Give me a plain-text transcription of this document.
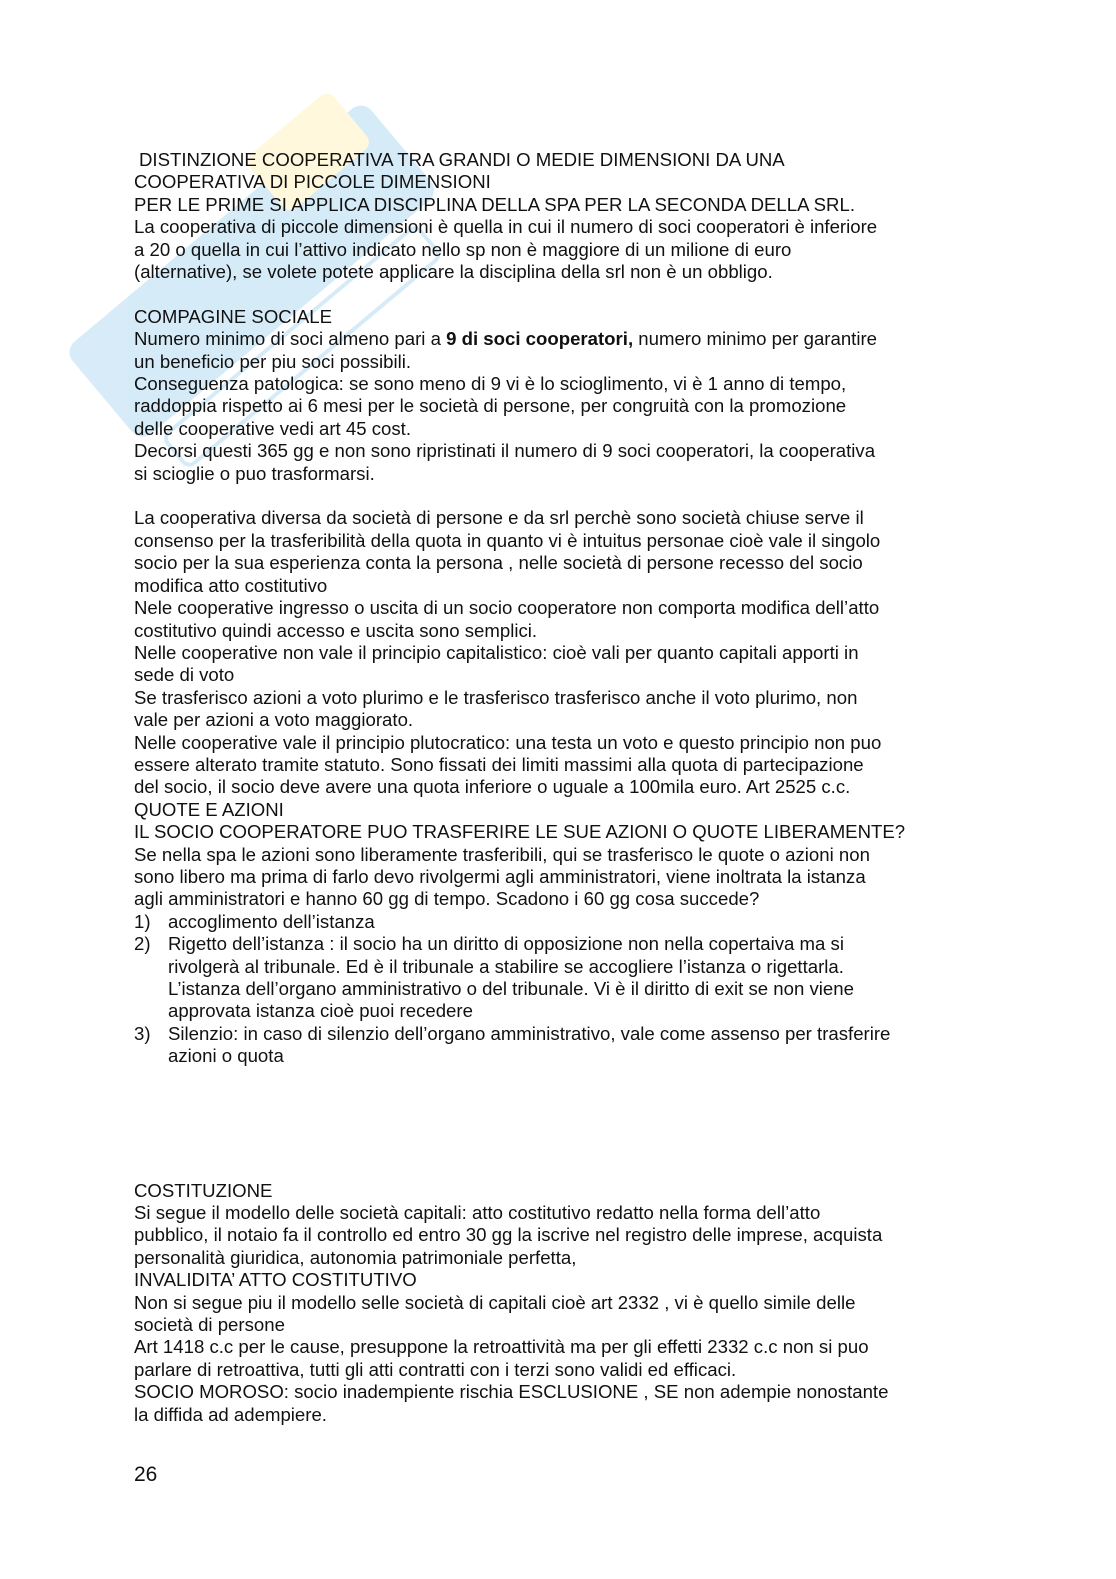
DISTINZIONE COOPERATIVA TRA GRANDI O MEDIE DIMENSIONI DA UNA
COOPERATIVA DI PICCOLE DIMENSIONI
PER LE PRIME SI APPLICA DISCIPLINA DELLA SPA PER LA SECONDA DELLA SRL.
La cooperativa di piccole dimensioni è quella in cui il numero di soci cooperatori è inferiore
a 20 o quella in cui l’attivo indicato nello sp non è maggiore di un milione di euro
(alternative), se volete potete applicare la disciplina della srl non è un obbligo.
COMPAGINE SOCIALE
Numero minimo di soci almeno pari a 9 di soci cooperatori, numero minimo per garantire
un beneficio per piu soci possibili.
Conseguenza patologica: se sono meno di 9 vi è lo scioglimento, vi è 1 anno di tempo,
raddoppia rispetto ai 6 mesi per le società di persone, per congruità con la promozione
delle cooperative vedi art 45 cost.
Decorsi questi 365 gg e non sono ripristinati il numero di 9 soci cooperatori, la cooperativa
si scioglie o puo trasformarsi.
La cooperativa diversa da società di persone e da srl perchè sono società chiuse serve il
consenso per la trasferibilità della quota in quanto vi è intuitus personae cioè vale il singolo
socio per la sua esperienza conta la persona , nelle società di persone recesso del socio
modifica atto costitutivo
Nele cooperative ingresso o uscita di un socio cooperatore non comporta modifica dell’atto
costitutivo quindi accesso e uscita sono semplici.
Nelle cooperative non vale il principio capitalistico: cioè vali per quanto capitali apporti in
sede di voto
Se trasferisco azioni a voto plurimo e le trasferisco trasferisco anche il voto plurimo, non
vale per azioni a voto maggiorato.
Nelle cooperative vale il principio plutocratico: una testa un voto e questo principio non puo
essere alterato tramite statuto. Sono fissati dei limiti massimi alla quota di partecipazione
del socio, il socio deve avere una quota inferiore o uguale a 100mila euro. Art 2525 c.c.
QUOTE E AZIONI
IL SOCIO COOPERATORE PUO TRASFERIRE LE SUE AZIONI O QUOTE LIBERAMENTE?
Se nella spa le azioni sono liberamente trasferibili, qui se trasferisco le quote o azioni non
sono libero ma prima di farlo devo rivolgermi agli amministratori, viene inoltrata la istanza
agli amministratori e hanno 60 gg di tempo. Scadono i 60 gg cosa succede?
1) accoglimento dell’istanza
2) Rigetto dell’istanza : il socio ha un diritto di opposizione non nella copertaiva ma si
rivolgerà al tribunale. Ed è il tribunale a stabilire se accogliere l’istanza o rigettarla.
L’istanza dell’organo amministrativo o del tribunale. Vi è il diritto di exit se non viene
approvata istanza cioè puoi recedere
3) Silenzio: in caso di silenzio dell’organo amministrativo, vale come assenso per trasferire
azioni o quota
COSTITUZIONE
Si segue il modello delle società capitali: atto costitutivo redatto nella forma dell’atto
pubblico, il notaio fa il controllo ed entro 30 gg la iscrive nel registro delle imprese, acquista
personalità giuridica, autonomia patrimoniale perfetta,
INVALIDITA’ ATTO COSTITUTIVO
Non si segue piu il modello selle società di capitali cioè art 2332 , vi è quello simile delle
società di persone
Art 1418 c.c per le cause, presuppone la retroattività ma per gli effetti 2332 c.c non si puo
parlare di retroattiva, tutti gli atti contratti con i terzi sono validi ed efficaci.
SOCIO MOROSO: socio inadempiente rischia ESCLUSIONE , SE non adempie nonostante
la diffida ad adempiere.
26
